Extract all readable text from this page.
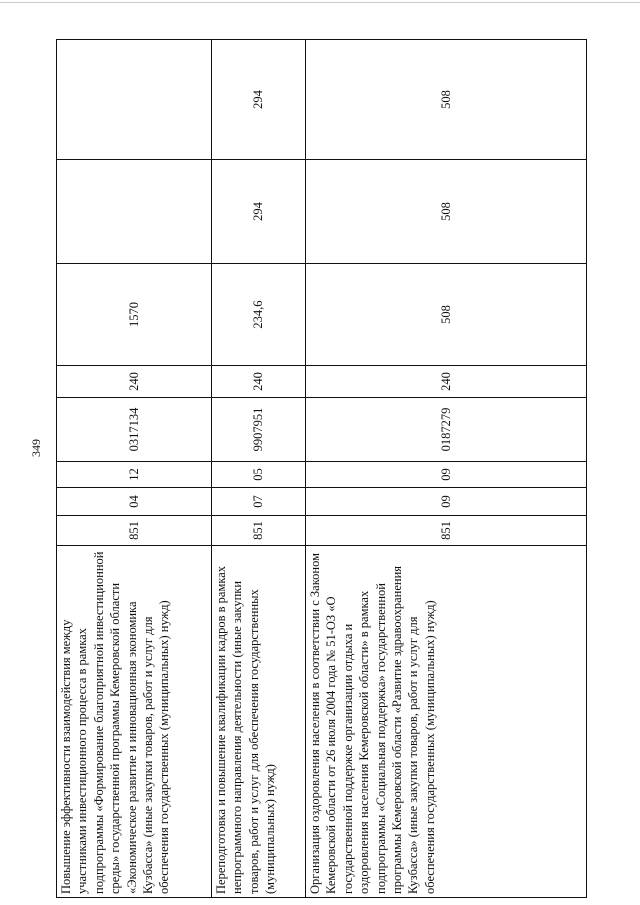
349
Повышение эффективности взаимодействия между участниками инвестиционного процесса в рамках подпрограммы «Формирование благоприятной инвестиционной среды» государственной программы Кемеровской области «Экономическое развитие и инновационная экономика Кузбасса» (иные закупки товаров, работ и услуг для обеспечения государственных (муниципальных) нужд)	851	04	12	0317134	240	1570		
Переподготовка и повышение квалификации кадров в рамках непрограммного направления деятельности (иные закупки товаров, работ и услуг для обеспечения государственных (муниципальных) нужд)	851	07	05	9907951	240	234,6	294	294
Организация оздоровления населения в соответствии с Законом Кемеровской области от 26 июля 2004 года № 51-ОЗ «О государственной поддержке организации отдыха и оздоровления населения Кемеровской области» в рамках подпрограммы «Социальная поддержка» государственной программы Кемеровской области «Развитие здравоохранения Кузбасса» (иные закупки товаров, работ и услуг для обеспечения государственных (муниципальных) нужд)	851	09	09	0187279	240	508	508	508
